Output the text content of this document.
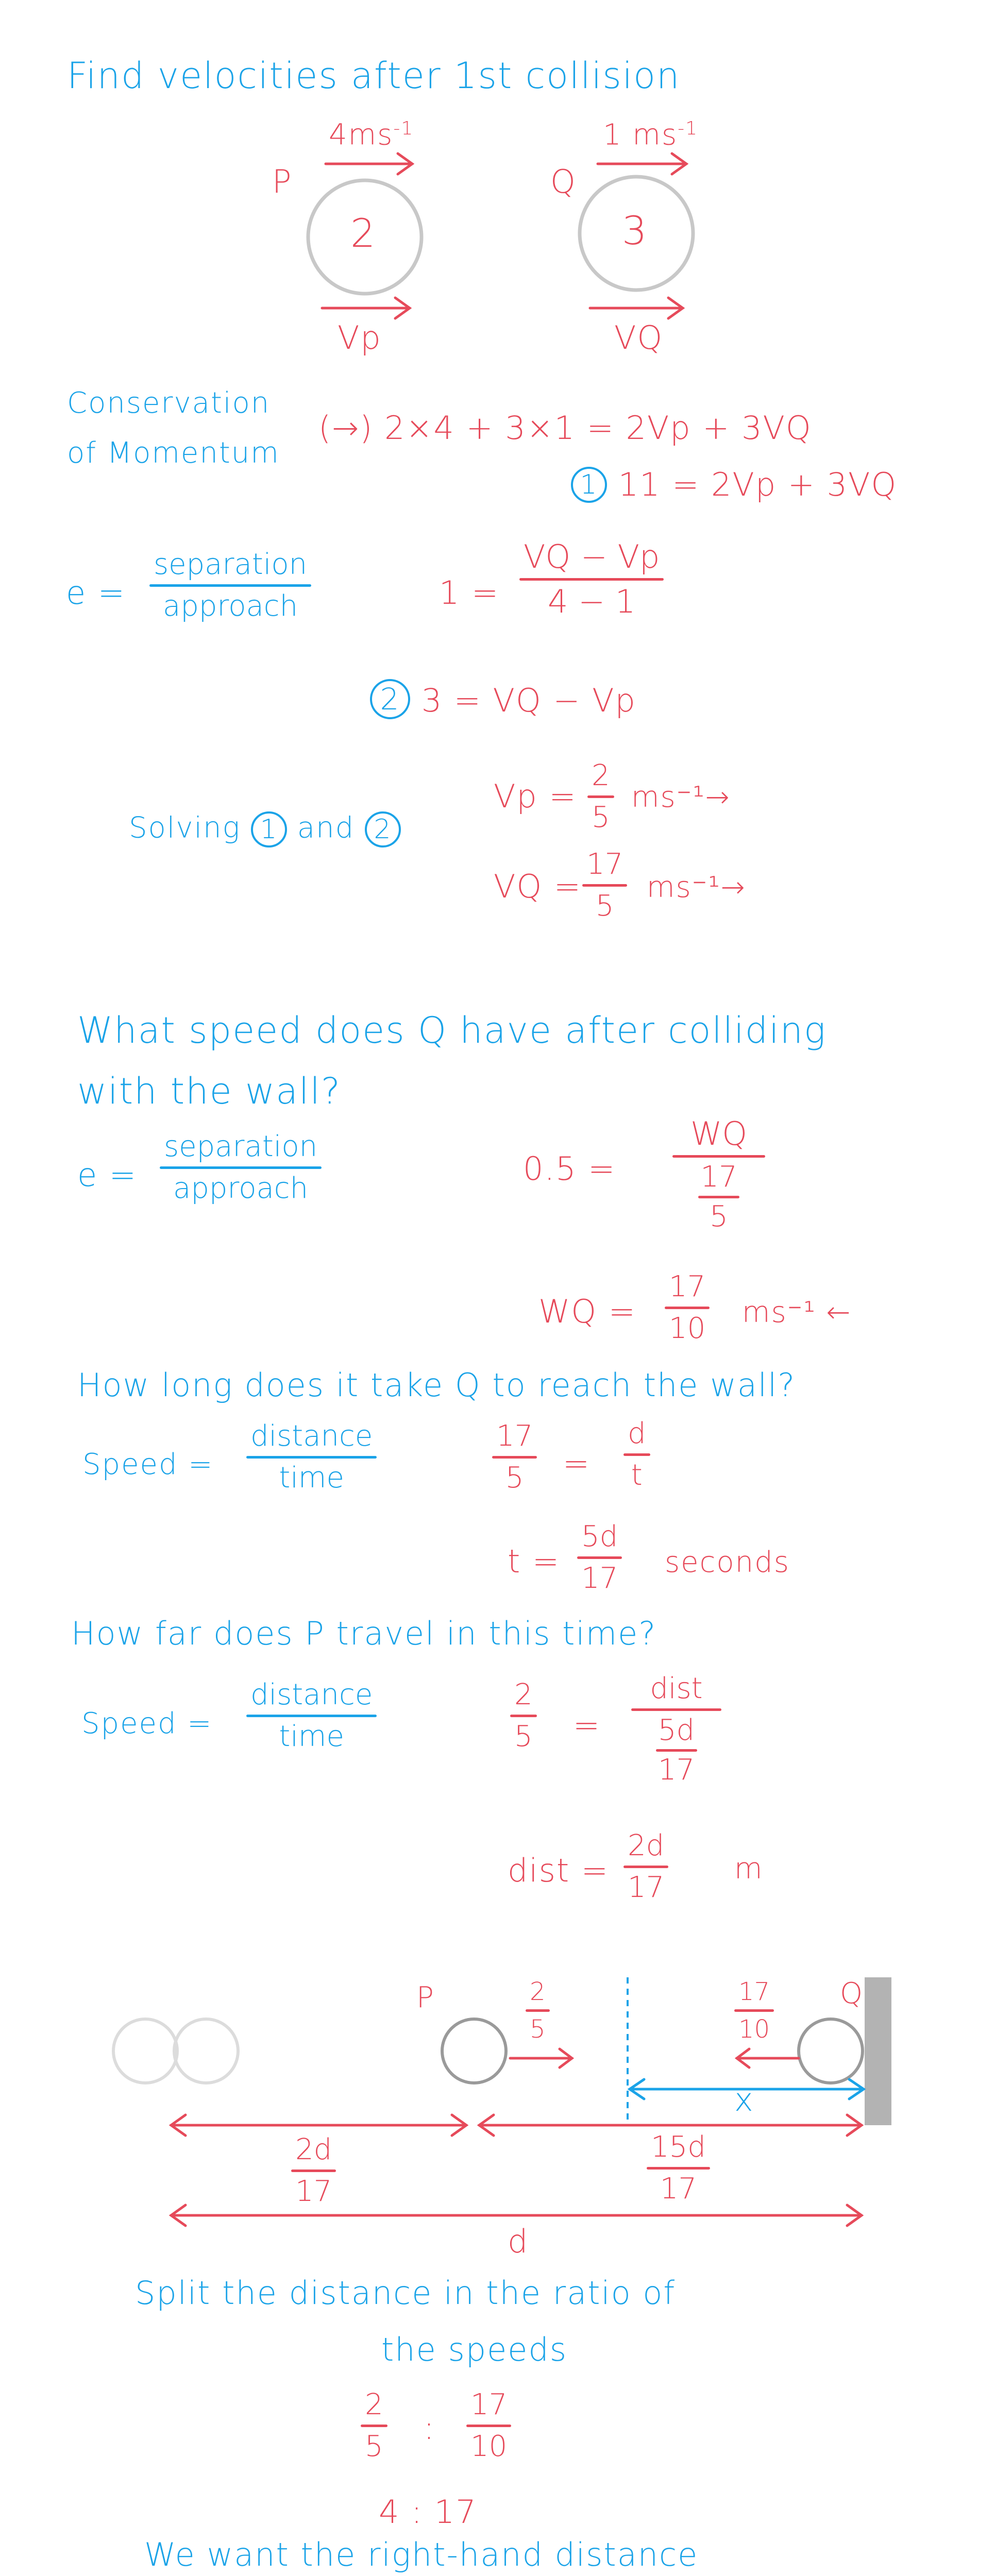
Find velocities after 1st collision
P
$4ms^{-1}$
2
Vp
Q
1 $ms^{-1}$
3
VQ
Conservation
of Momentum
(→) 2×4 + 3×1 = 2Vp + 3VQ
1 11 = 2Vp + 3VQ
e =
separation
approach	1 =
VQ − Vp
4 − 1
2 3 = VQ − Vp
Solving 1 and 2
Vp =
2
5
ms⁻¹→
VQ =
17
5
ms⁻¹→
What speed does Q have after colliding
with the wall?
e =
separation
approach
0.5 =
WQ
17
5
WQ =
17
10 ms⁻¹ ←
How long does it take Q to reach the wall?
Speed =
distance
time
17
5 =
d
t
t =
5d
17 seconds
How far does P travel in this time?
Speed =
distance
time
2
5 =
dist
5d
17
dist =
2d
17
m
P	Q
2
5
17
10
x
2d
17
15d
17
d
Split the distance in the ratio of
the speeds
2
5 :
17
10
4 : 17
We want the right-hand distance
